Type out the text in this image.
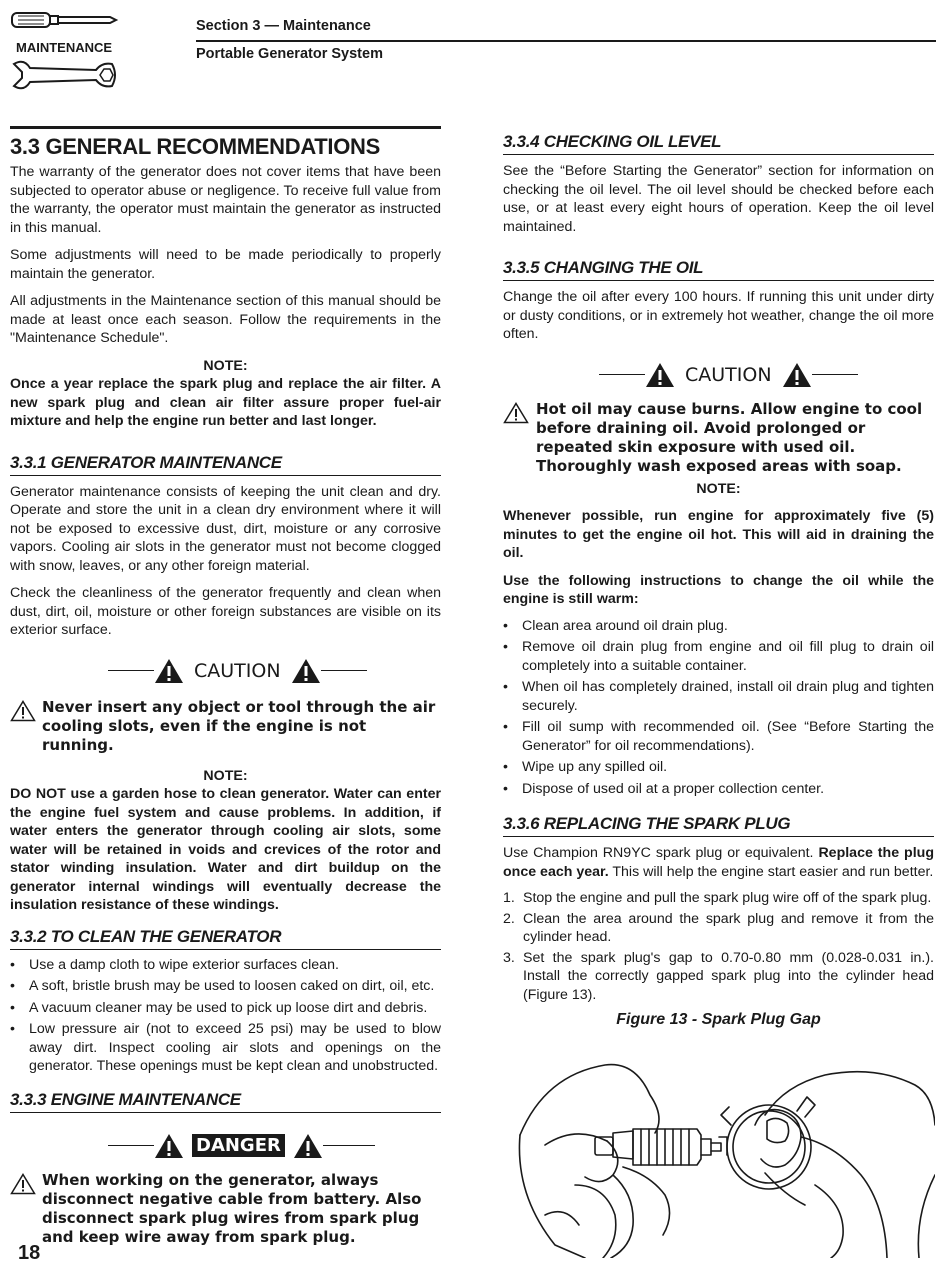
MAINTENANCE
Section 3 — Maintenance
Portable Generator System
3.3 GENERAL RECOMMENDATIONS

The warranty of the generator does not cover items that have been subjected to operator abuse or negligence. To receive full value from the warranty, the operator must maintain the generator as instructed in this manual.

Some adjustments will need to be made periodically to properly maintain the generator.

All adjustments in the Maintenance section of this manual should be made at least once each season. Follow the requirements in the "Maintenance Schedule".

NOTE:

Once a year replace the spark plug and replace the air filter. A new spark plug and clean air filter assure proper fuel-air mixture and help the engine run better and last longer.

3.3.1 GENERATOR MAINTENANCE

Generator maintenance consists of keeping the unit clean and dry. Operate and store the unit in a clean dry environment where it will not be exposed to excessive dust, dirt, moisture or any corrosive vapors. Cooling air slots in the generator must not become clogged with snow, leaves, or any other foreign material.

Check the cleanliness of the generator frequently and clean when dust, dirt, oil, moisture or other foreign substances are visible on its exterior surface.

CAUTION
Never insert any object or tool through the air cooling slots, even if the engine is not running.

NOTE:

DO NOT use a garden hose to clean generator. Water can enter the engine fuel system and cause problems. In addition, if water enters the generator through cooling air slots, some water will be retained in voids and crevices of the rotor and stator winding insulation. Water and dirt buildup on the generator internal windings will eventually decrease the insulation resistance of these windings.

3.3.2 TO CLEAN THE GENERATOR
• Use a damp cloth to wipe exterior surfaces clean.
• A soft, bristle brush may be used to loosen caked on dirt, oil, etc.
• A vacuum cleaner may be used to pick up loose dirt and debris.
• Low pressure air (not to exceed 25 psi) may be used to blow away dirt. Inspect cooling air slots and openings on the generator. These openings must be kept clean and unobstructed.
3.3.3 ENGINE MAINTENANCE
DANGER
When working on the generator, always disconnect negative cable from battery. Also disconnect spark plug wires from spark plug and keep wire away from spark plug.
18
3.3.4 CHECKING OIL LEVEL

See the “Before Starting the Generator” section for information on checking the oil level. The oil level should be checked before each use, or at least every eight hours of operation. Keep the oil level maintained.

3.3.5 CHANGING THE OIL

Change the oil after every 100 hours. If running this unit under dirty or dusty conditions, or in extremely hot weather, change the oil more often.

CAUTION
Hot oil may cause burns. Allow engine to cool before draining oil. Avoid prolonged or repeated skin exposure with used oil. Thoroughly wash exposed areas with soap.

NOTE:

Whenever possible, run engine for approximately five (5) minutes to get the engine oil hot. This will aid in draining the oil.

Use the following instructions to change the oil while the engine is still warm:

• Clean area around oil drain plug.
• Remove oil drain plug from engine and oil fill plug to drain oil completely into a suitable container.
• When oil has completely drained, install oil drain plug and tighten securely.
• Fill oil sump with recommended oil. (See “Before Starting the Generator” for oil recommendations).
• Wipe up any spilled oil.
• Dispose of used oil at a proper collection center.
3.3.6 REPLACING THE SPARK PLUG

Use Champion RN9YC spark plug or equivalent. Replace the plug once each year. This will help the engine start easier and run better.

1. Stop the engine and pull the spark plug wire off of the spark plug.
2. Clean the area around the spark plug and remove it from the cylinder head.
3. Set the spark plug's gap to 0.70-0.80 mm (0.028-0.031 in.). Install the correctly gapped spark plug into the cylinder head (Figure 13).
Figure 13 - Spark Plug Gap
